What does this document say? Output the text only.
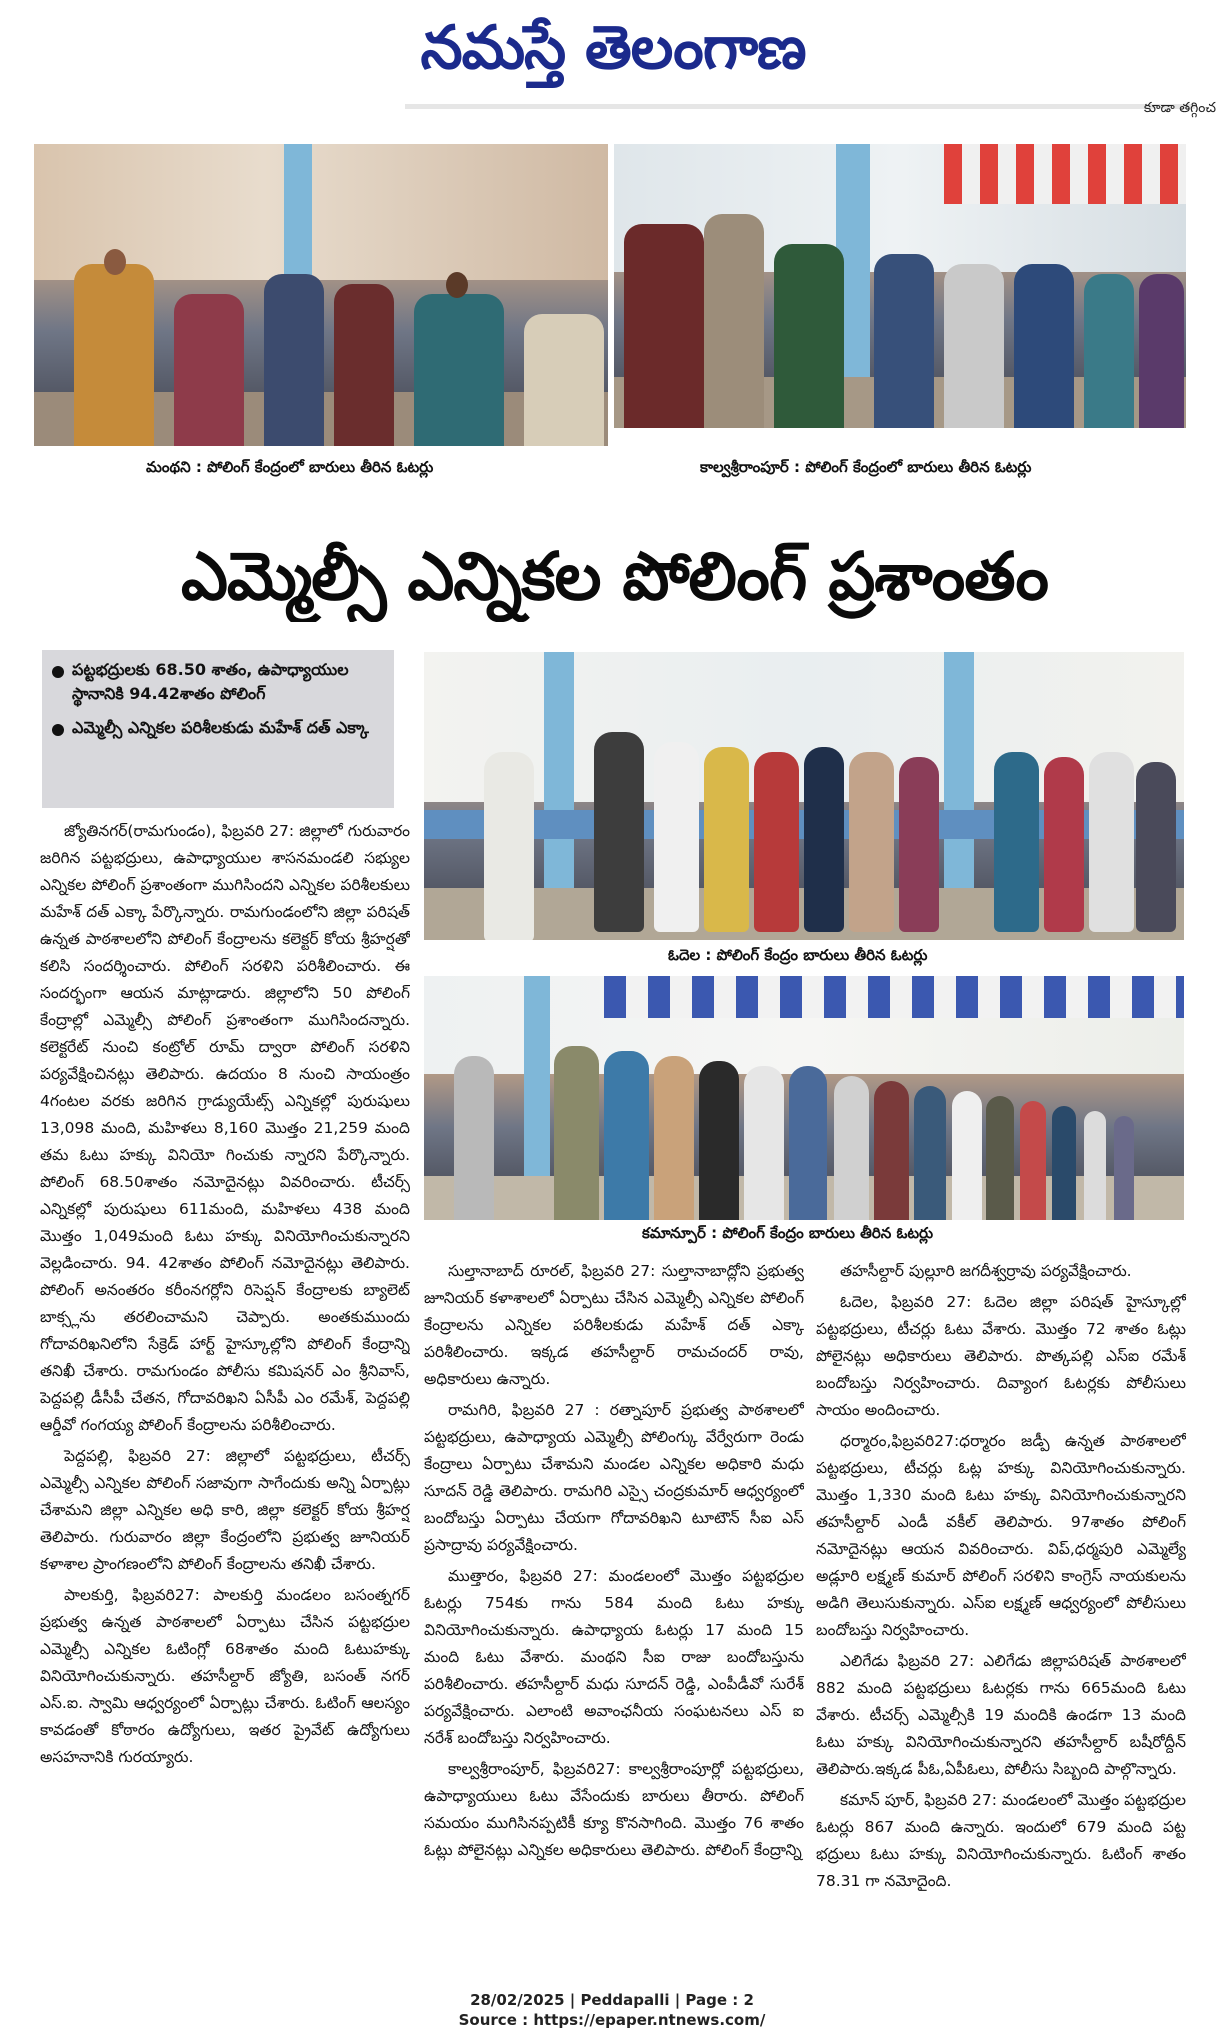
నమస్తే తెలంగాణ
కూడా తగ్గించ
మంథని : పోలింగ్ కేంద్రంలో బారులు తీరిన ఓటర్లు	కాల్వశ్రీరాంపూర్ : పోలింగ్ కేంద్రంలో బారులు తీరిన ఓటర్లు
ఎమ్మెల్సీ ఎన్నికల పోలింగ్ ప్రశాంతం
పట్టభద్రులకు 68.50 శాతం, ఉపాధ్యాయుల స్థానానికి 94.42శాతం పోలింగ్
ఎమ్మెల్సీ ఎన్నికల పరిశీలకుడు మహేశ్ దత్ ఎక్కా
ఓదెల : పోలింగ్ కేంద్రం బారులు తీరిన ఓటర్లు
కమాన్పూర్ : పోలింగ్ కేంద్రం బారులు తీరిన ఓటర్లు

జ్యోతినగర్(రామగుండం), ఫిబ్రవరి 27: జిల్లాలో గురువారం జరిగిన పట్టభద్రులు, ఉపాధ్యాయుల శాసనమండలి సభ్యుల ఎన్నికల పోలింగ్ ప్రశాంతంగా ముగిసిందని ఎన్నికల పరిశీలకులు మహేశ్ దత్ ఎక్కా పేర్కొన్నారు. రామగుండంలోని జిల్లా పరిషత్ ఉన్నత పాఠశాలలోని పోలింగ్ కేంద్రాలను కలెక్టర్ కోయ శ్రీహర్షతో కలిసి సందర్శించారు. పోలింగ్ సరళిని పరిశీలించారు. ఈ సందర్భంగా ఆయన మాట్లాడారు. జిల్లాలోని 50 పోలింగ్ కేంద్రాల్లో ఎమ్మెల్సీ పోలింగ్ ప్రశాంతంగా ముగిసిందన్నారు. కలెక్టరేట్ నుంచి కంట్రోల్ రూమ్ ద్వారా పోలింగ్ సరళిని పర్యవేక్షించినట్లు తెలిపారు. ఉదయం 8 నుంచి సాయంత్రం 4గంటల వరకు జరిగిన గ్రాడ్యుయేట్స్ ఎన్నికల్లో పురుషులు 13,098 మంది, మహిళలు 8,160 మొత్తం 21,259 మంది తమ ఓటు హక్కు వినియో గించుకు న్నారని పేర్కొన్నారు. పోలింగ్ 68.50శాతం నమోదైనట్లు వివరించారు. టీచర్స్ ఎన్నికల్లో పురుషులు 611మంది, మహిళలు 438 మంది మొత్తం 1,049మంది ఓటు హక్కు వినియోగించుకున్నారని వెల్లడించారు. 94. 42శాతం పోలింగ్ నమోదైనట్లు తెలిపారు. పోలింగ్ అనంతరం కరీంనగర్లోని రిసెప్షన్ కేంద్రాలకు బ్యాలెట్ బాక్స్లను తరలించామని చెప్పారు. అంతకుముందు గోదావరిఖనిలోని సేక్రెడ్ హార్ట్ హైస్కూల్లోని పోలింగ్ కేంద్రాన్ని తనిఖీ చేశారు. రామగుండం పోలీసు కమిషనర్ ఎం శ్రీనివాస్, పెద్దపల్లి డీసీపీ చేతన, గోదావరిఖని ఏసీపీ ఎం రమేశ్, పెద్దపల్లి ఆర్డీవో గంగయ్య పోలింగ్ కేంద్రాలను పరిశీలించారు.

పెద్దపల్లి, ఫిబ్రవరి 27: జిల్లాలో పట్టభద్రులు, టీచర్స్ ఎమ్మెల్సీ ఎన్నికల పోలింగ్ సజావుగా సాగేందుకు అన్ని ఏర్పాట్లు చేశామని జిల్లా ఎన్నికల అధి కారి, జిల్లా కలెక్టర్ కోయ శ్రీహర్ష తెలిపారు. గురువారం జిల్లా కేంద్రంలోని ప్రభుత్వ జూనియర్ కళాశాల ప్రాంగణంలోని పోలింగ్ కేంద్రాలను తనిఖీ చేశారు.

పాలకుర్తి, ఫిబ్రవరి27: పాలకుర్తి మండలం బసంత్నగర్ ప్రభుత్వ ఉన్నత పాఠశాలలో ఏర్పాటు చేసిన పట్టభద్రుల ఎమ్మెల్సీ ఎన్నికల ఓటింగ్లో 68శాతం మంది ఓటుహక్కు వినియోగించుకున్నారు. తహసీల్దార్ జ్యోతి, బసంత్ నగర్ ఎస్.ఐ. స్వామి ఆధ్వర్యంలో ఏర్పాట్లు చేశారు. ఓటింగ్ ఆలస్యం కావడంతో కోఠారం ఉద్యోగులు, ఇతర ప్రైవేట్ ఉద్యోగులు అసహనానికి గురయ్యారు.

సుల్తానాబాద్ రూరల్, ఫిబ్రవరి 27: సుల్తానాబాద్లోని ప్రభుత్వ జూనియర్ కళాశాలలో ఏర్పాటు చేసిన ఎమ్మెల్సీ ఎన్నికల పోలింగ్ కేంద్రాలను ఎన్నికల పరిశీలకుడు మహేశ్ దత్ ఎక్కా పరిశీలించారు. ఇక్కడ తహసీల్దార్ రామచందర్ రావు, అధికారులు ఉన్నారు.

రామగిరి, ఫిబ్రవరి 27 : రత్నాపూర్ ప్రభుత్వ పాఠశాలలో పట్టభద్రులు, ఉపాధ్యాయ ఎమ్మెల్సీ పోలింగ్కు వేర్వేరుగా రెండు కేంద్రాలు ఏర్పాటు చేశామని మండల ఎన్నికల అధికారి మధు సూదన్ రెడ్డి తెలిపారు. రామగిరి ఎస్సై చంద్రకుమార్ ఆధ్వర్యంలో బందోబస్తు ఏర్పాటు చేయగా గోదావరిఖని టూటౌన్ సీఐ ఎస్ ప్రసాద్రావు పర్యవేక్షించారు.

ముత్తారం, ఫిబ్రవరి 27: మండలంలో మొత్తం పట్టభద్రుల ఓటర్లు 754కు గాను 584 మంది ఓటు హక్కు వినియోగించుకున్నారు. ఉపాధ్యాయ ఓటర్లు 17 మంది 15 మంది ఓటు వేశారు. మంథని సీఐ రాజు బందోబస్తును పరిశీలించారు. తహసీల్దార్ మధు సూదన్ రెడ్డి, ఎంపీడీవో సురేశ్ పర్యవేక్షించారు. ఎలాంటి అవాంఛనీయ సంఘటనలు ఎస్ ఐ నరేశ్ బందోబస్తు నిర్వహించారు.

కాల్వశ్రీరాంపూర్, ఫిబ్రవరి27: కాల్వశ్రీరాంపూర్లో పట్టభద్రులు, ఉపాధ్యాయులు ఓటు వేసేందుకు బారులు తీరారు. పోలింగ్ సమయం ముగిసినప్పటికీ క్యూ కొనసాగింది. మొత్తం 76 శాతం ఓట్లు పోలైనట్లు ఎన్నికల అధికారులు తెలిపారు. పోలింగ్ కేంద్రాన్ని

తహసీల్దార్ పుల్లూరి జగదీశ్వర్రావు పర్యవేక్షించారు.

ఓదెల, ఫిబ్రవరి 27: ఓదెల జిల్లా పరిషత్ హైస్కూల్లో పట్టభద్రులు, టీచర్లు ఓటు వేశారు. మొత్తం 72 శాతం ఓట్లు పోలైనట్లు అధికారులు తెలిపారు. పొత్కపల్లి ఎస్ఐ రమేశ్ బందోబస్తు నిర్వహించారు. దివ్యాంగ ఓటర్లకు పోలీసులు సాయం అందించారు.

ధర్మారం,ఫిబ్రవరి27:ధర్మారం జడ్పీ ఉన్నత పాఠశాలలో పట్టభద్రులు, టీచర్లు ఓట్ల హక్కు వినియోగించుకున్నారు. మొత్తం 1,330 మంది ఓటు హక్కు వినియోగించుకున్నారని తహసీల్దార్ ఎండీ వకీల్ తెలిపారు. 97శాతం పోలింగ్ నమోదైనట్లు ఆయన వివరించారు. విప్,ధర్మపురి ఎమ్మెల్యే అడ్లూరి లక్ష్మణ్ కుమార్ పోలింగ్ సరళిని కాంగ్రెస్ నాయకులను అడిగి తెలుసుకున్నారు. ఎస్ఐ లక్ష్మణ్ ఆధ్వర్యంలో పోలీసులు బందోబస్తు నిర్వహించారు.

ఎలిగేడు ఫిబ్రవరి 27: ఎలిగేడు జిల్లాపరిషత్ పాఠశాలలో 882 మంది పట్టభద్రులు ఓటర్లకు గాను 665మంది ఓటు వేశారు. టీచర్స్ ఎమ్మెల్సీకి 19 మందికి ఉండగా 13 మంది ఓటు హక్కు వినియోగించుకున్నారని తహసీల్దార్ బషీరోద్దీన్ తెలిపారు.ఇక్కడ పీఓ,ఏపీఓలు, పోలీసు సిబ్బంది పాల్గొన్నారు.

కమాన్ పూర్, ఫిబ్రవరి 27: మండలంలో మొత్తం పట్టభద్రుల ఓటర్లు 867 మంది ఉన్నారు. ఇందులో 679 మంది పట్ట భద్రులు ఓటు హక్కు వినియోగించుకున్నారు. ఓటింగ్ శాతం 78.31 గా నమోదైంది.

28/02/2025 | Peddapalli | Page : 2
Source : https://epaper.ntnews.com/
